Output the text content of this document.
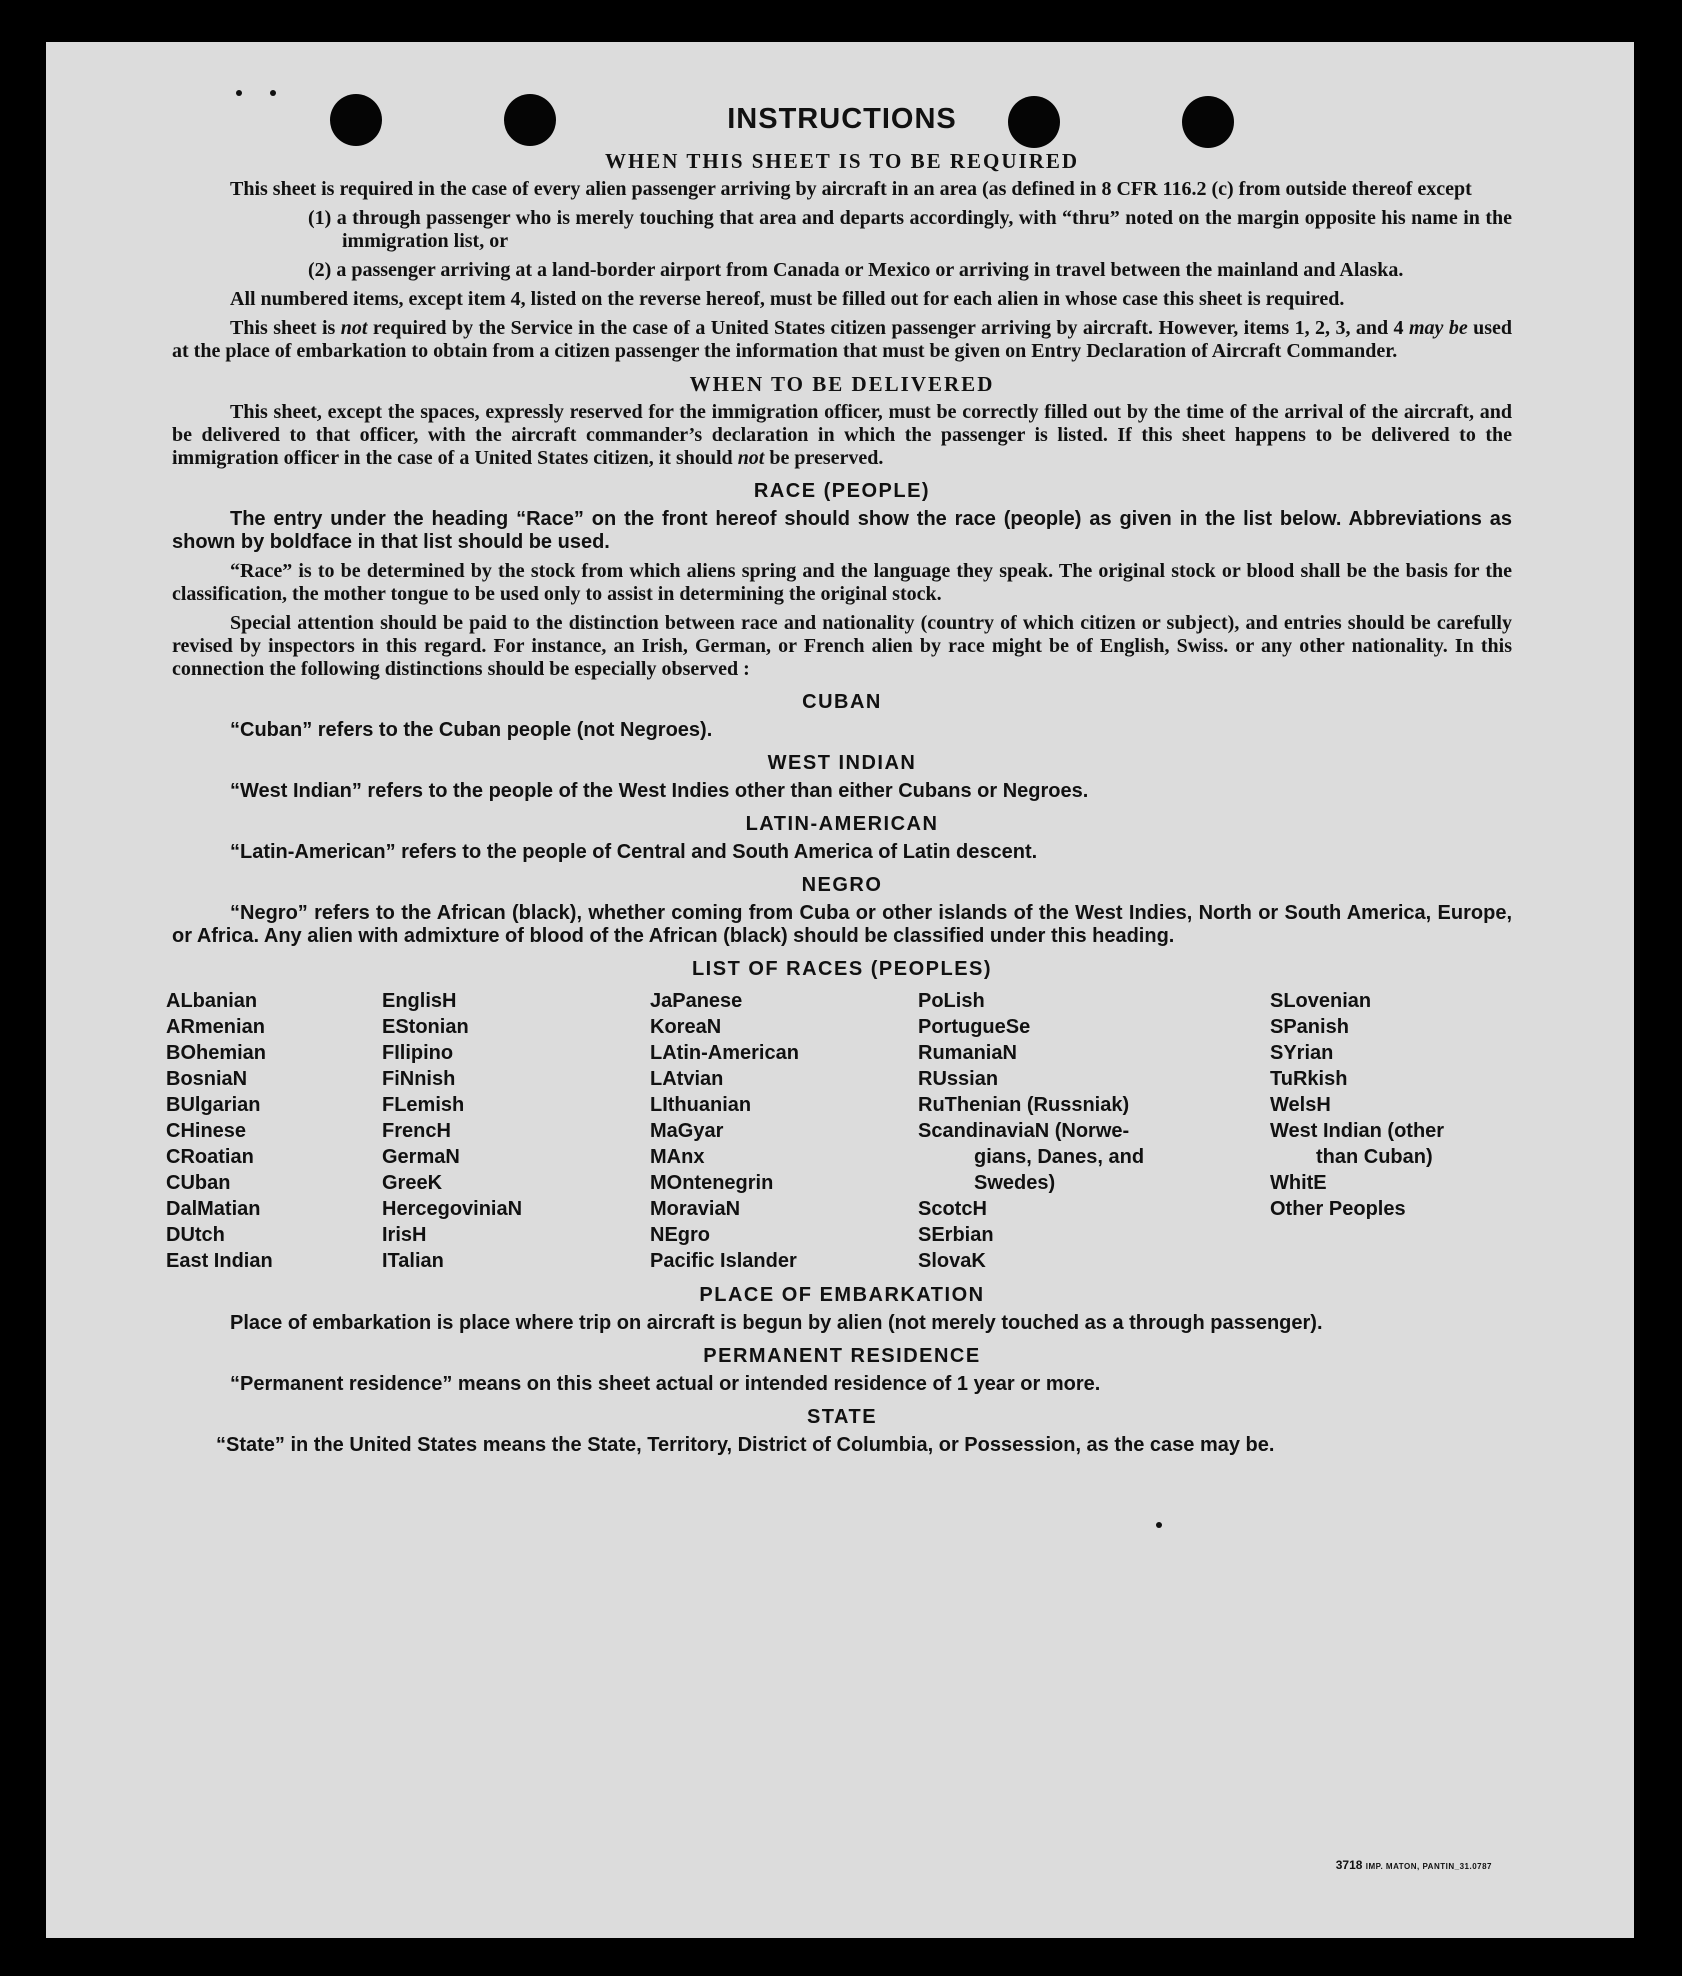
INSTRUCTIONS
WHEN THIS SHEET IS TO BE REQUIRED

This sheet is required in the case of every alien passenger arriving by aircraft in an area (as defined in 8 CFR 116.2 (c) from outside thereof except

(1) a through passenger who is merely touching that area and departs accordingly, with “thru” noted on the margin opposite his name in the immigration list, or

(2) a passenger arriving at a land-border airport from Canada or Mexico or arriving in travel between the mainland and Alaska.

All numbered items, except item 4, listed on the reverse hereof, must be filled out for each alien in whose case this sheet is required.

This sheet is not required by the Service in the case of a United States citizen passenger arriving by aircraft. However, items 1, 2, 3, and 4 may be used at the place of embarkation to obtain from a citizen passenger the information that must be given on Entry Declaration of Aircraft Commander.

WHEN TO BE DELIVERED

This sheet, except the spaces, expressly reserved for the immigration officer, must be correctly filled out by the time of the arrival of the aircraft, and be delivered to that officer, with the aircraft commander’s declaration in which the passenger is listed. If this sheet happens to be delivered to the immigration officer in the case of a United States citizen, it should not be preserved.

RACE (PEOPLE)

The entry under the heading “Race” on the front hereof should show the race (people) as given in the list below. Abbreviations as shown by boldface in that list should be used.

“Race” is to be determined by the stock from which aliens spring and the language they speak. The original stock or blood shall be the basis for the classification, the mother tongue to be used only to assist in determining the original stock.

Special attention should be paid to the distinction between race and nationality (country of which citizen or subject), and entries should be carefully revised by inspectors in this regard. For instance, an Irish, German, or French alien by race might be of English, Swiss. or any other nationality. In this connection the following distinctions should be especially observed :

CUBAN

“Cuban” refers to the Cuban people (not Negroes).

WEST INDIAN

“West Indian” refers to the people of the West Indies other than either Cubans or Negroes.

LATIN-AMERICAN

“Latin-American” refers to the people of Central and South America of Latin descent.

NEGRO

“Negro” refers to the African (black), whether coming from Cuba or other islands of the West Indies, North or South America, Europe, or Africa. Any alien with admixture of blood of the African (black) should be classified under this heading.

LIST OF RACES (PEOPLES)
ALbanian
ARmenian
BOhemian
BosniaN
BUlgarian
CHinese
CRoatian
CUban
DalMatian
DUtch
East Indian
EnglisH
EStonian
FIlipino
FiNnish
FLemish
FrencH
GermaN
GreeK
HercegoviniaN
IrisH
ITalian
JaPanese
KoreaN
LAtin-American
LAtvian
LIthuanian
MaGyar
MAnx
MOntenegrin
MoraviaN
NEgro
Pacific Islander
PoLish
PortugueSe
RumaniaN
RUssian
RuThenian (Russniak)
ScandinaviaN (Norwe-
gians, Danes, and
Swedes)
ScotcH
SErbian
SlovaK
SLovenian
SPanish
SYrian
TuRkish
WelsH
West Indian (other
than Cuban)
WhitE
Other Peoples
PLACE OF EMBARKATION

Place of embarkation is place where trip on aircraft is begun by alien (not merely touched as a through passenger).

PERMANENT RESIDENCE

“Permanent residence” means on this sheet actual or intended residence of 1 year or more.

STATE

“State” in the United States means the State, Territory, District of Columbia, or Possession, as the case may be.

3718 IMP. MATON, PANTIN_31.0787
